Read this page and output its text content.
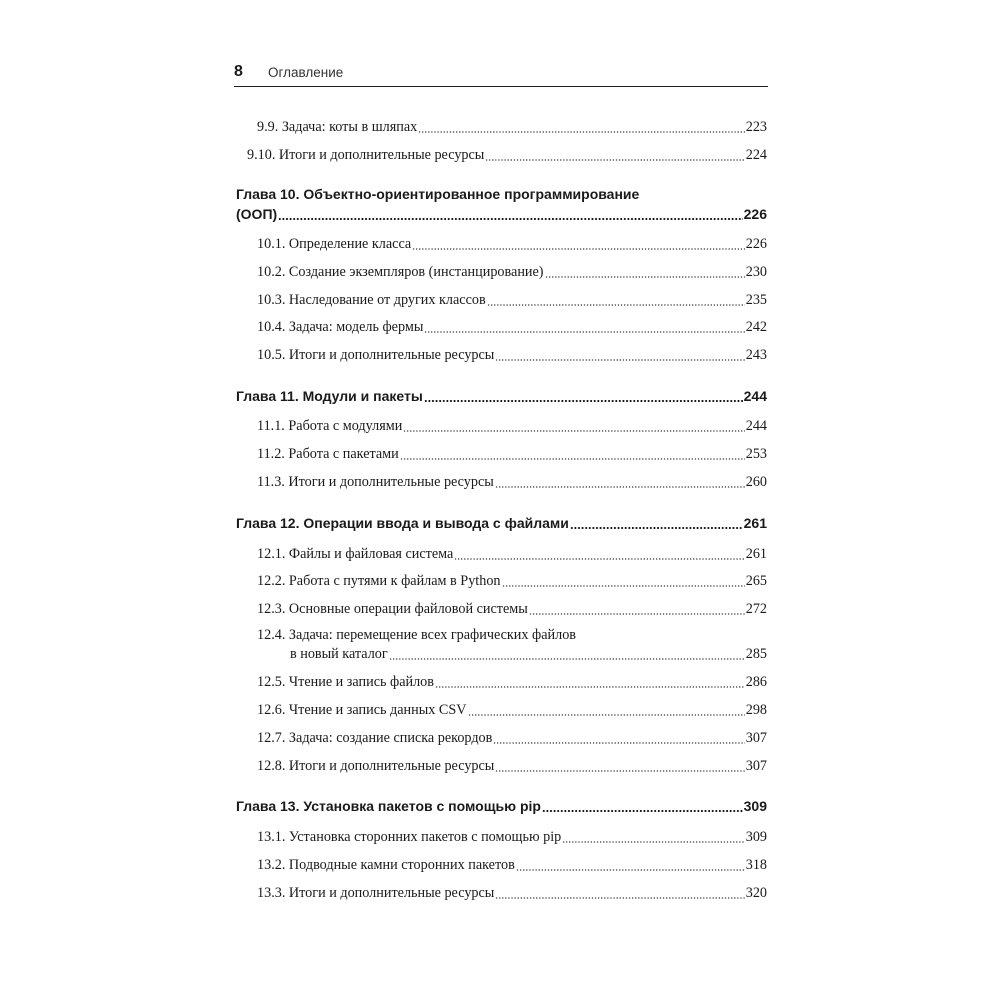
8 Оглавление
9.9. Задача: коты в шляпах	223
9.10. Итоги и дополнительные ресурсы	224
Глава 10. Объектно-ориентированное программирование
(ООП)	226
10.1. Определение класса	226
10.2. Создание экземпляров (инстанцирование)	230
10.3. Наследование от других классов	235
10.4. Задача: модель фермы	242
10.5. Итоги и дополнительные ресурсы	243
Глава 11. Модули и пакеты	244
11.1. Работа с модулями	244
11.2. Работа с пакетами	253
11.3. Итоги и дополнительные ресурсы	260
Глава 12. Операции ввода и вывода с файлами	261
12.1. Файлы и файловая система	261
12.2. Работа с путями к файлам в Python	265
12.3. Основные операции файловой системы	272
12.4. Задача: перемещение всех графических файлов
в новый каталог	285
12.5. Чтение и запись файлов	286
12.6. Чтение и запись данных CSV	298
12.7. Задача: создание списка рекордов	307
12.8. Итоги и дополнительные ресурсы	307
Глава 13. Установка пакетов с помощью pip	309
13.1. Установка сторонних пакетов с помощью pip	309
13.2. Подводные камни сторонних пакетов	318
13.3. Итоги и дополнительные ресурсы	320
